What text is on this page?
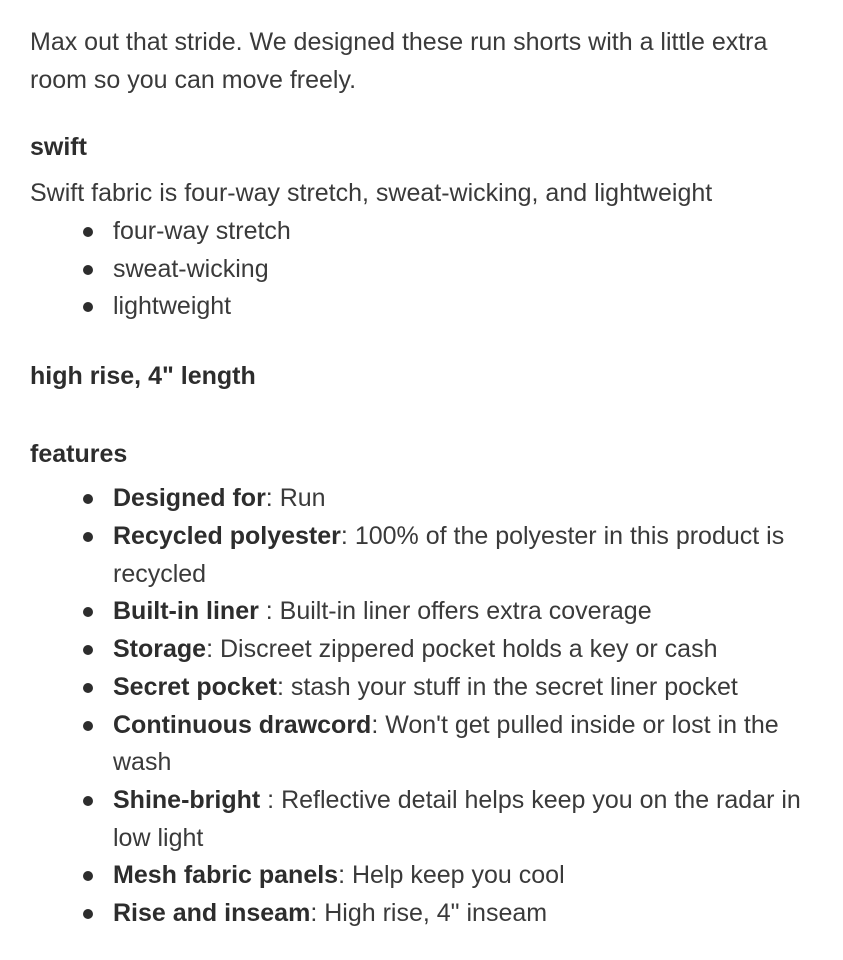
Max out that stride. We designed these run shorts with a little extra room so you can move freely.

swift

Swift fabric is four-way stretch, sweat-wicking, and lightweight

four-way stretch
sweat-wicking
lightweight

high rise, 4" length

features

Designed for: Run
Recycled polyester: 100% of the polyester in this product is recycled
Built-in liner : Built-in liner offers extra coverage
Storage: Discreet zippered pocket holds a key or cash
Secret pocket: stash your stuff in the secret liner pocket
Continuous drawcord: Won't get pulled inside or lost in the wash
Shine-bright : Reflective detail helps keep you on the radar in low light
Mesh fabric panels: Help keep you cool
Rise and inseam: High rise, 4" inseam
